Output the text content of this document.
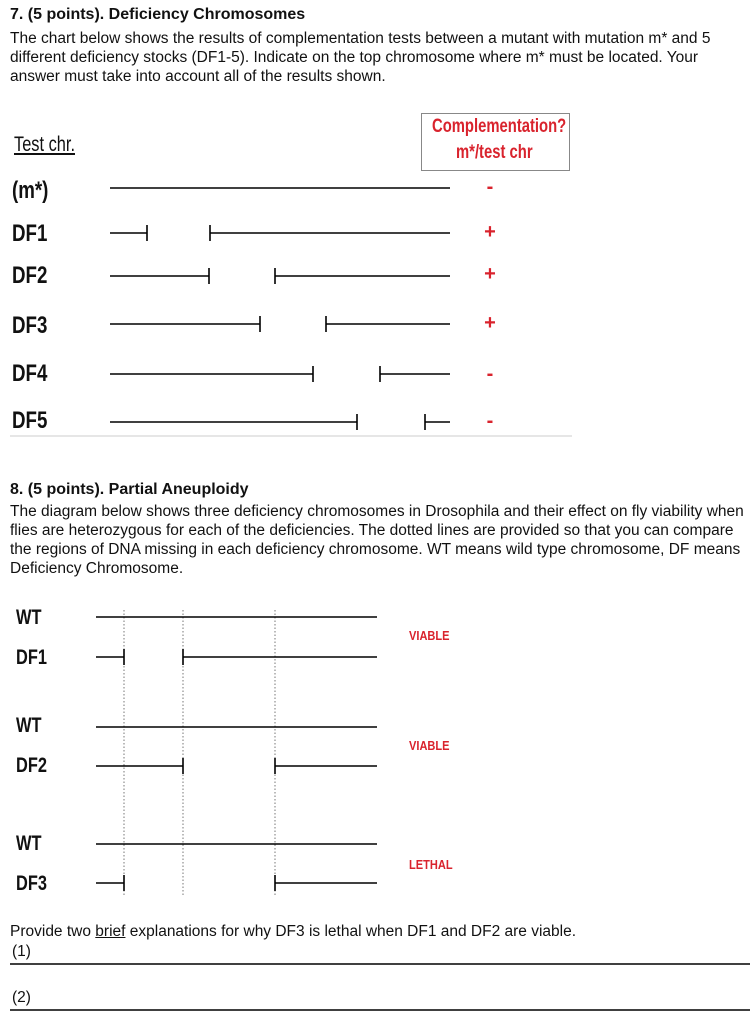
7. (5 points). Deficiency Chromosomes
The chart below shows the results of complementation tests between a mutant with mutation m* and 5 different deficiency stocks (DF1-5). Indicate on the top chromosome where m* must be located. Your answer must take into account all of the results shown.
Test chr.
Complementation?
m*/test chr
(m*)
DF1
DF2
DF3
DF4
DF5
-
+
+
+
-
-
8. (5 points). Partial Aneuploidy
The diagram below shows three deficiency chromosomes in Drosophila and their effect on fly viability when flies are heterozygous for each of the deficiencies. The dotted lines are provided so that you can compare the regions of DNA missing in each deficiency chromosome. WT means wild type chromosome, DF means Deficiency Chromosome.
WT
DF1
VIABLE
WT
DF2
VIABLE
WT
DF3
LETHAL
Provide two brief explanations for why DF3 is lethal when DF1 and DF2 are viable.
(1)
(2)
